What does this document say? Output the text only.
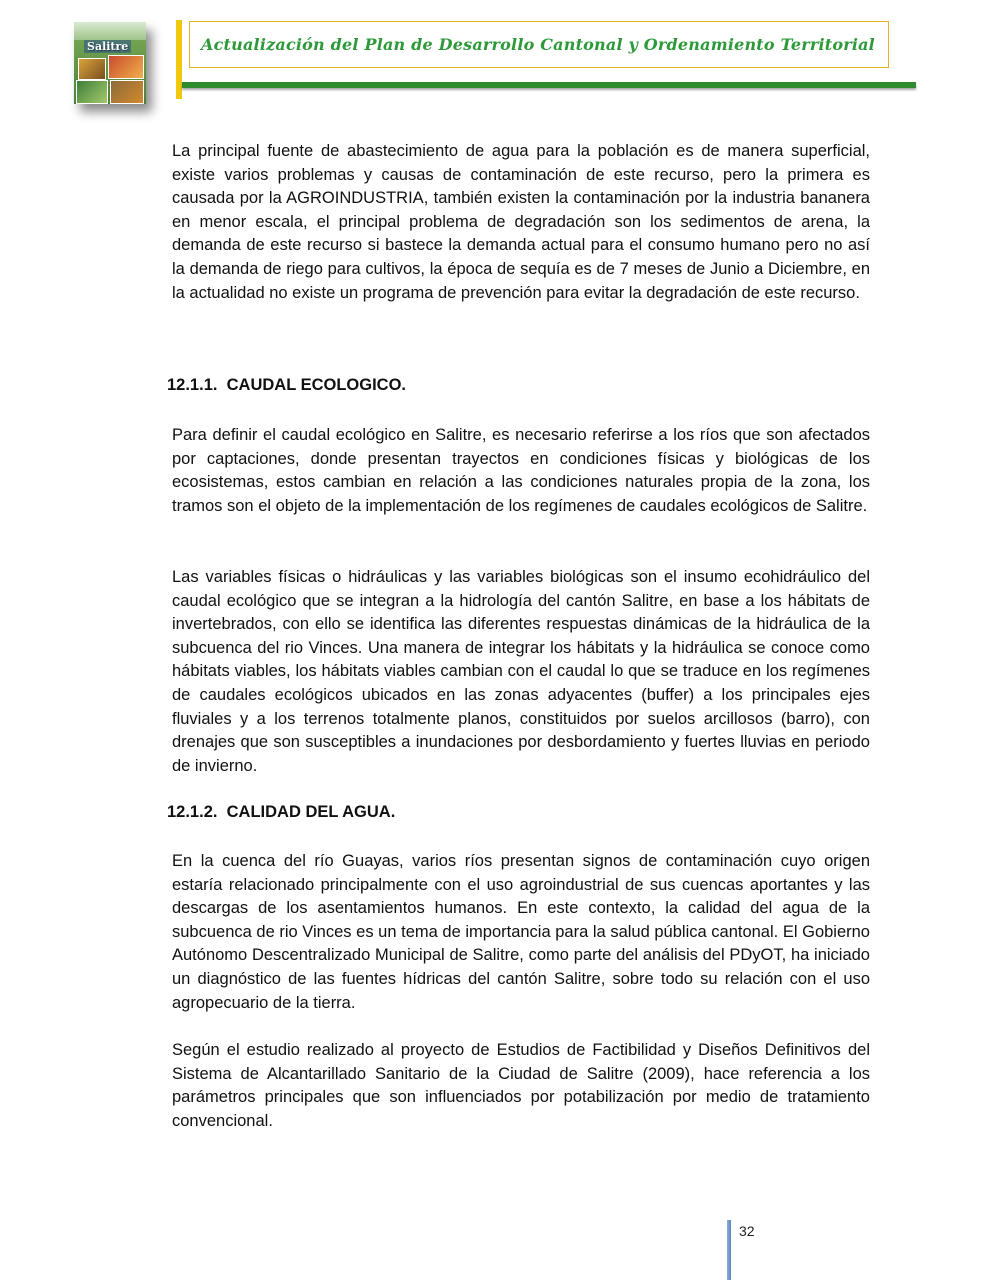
Salitre	Actualización del Plan de Desarrollo Cantonal y Ordenamiento Territorial

La principal fuente de abastecimiento de agua para la población es de manera superficial, existe varios problemas y causas de contaminación de este recurso, pero la primera es causada por la AGROINDUSTRIA, también existen la contaminación por la industria bananera en menor escala, el principal problema de degradación son los sedimentos de arena, la demanda de este recurso si bastece la demanda actual para el consumo humano pero no así la demanda de riego para cultivos, la época de sequía es de 7 meses de Junio a Diciembre, en la actualidad no existe un programa de prevención para evitar la degradación de este recurso.

12.1.1.  CAUDAL ECOLOGICO.

Para definir el caudal ecológico en Salitre, es necesario referirse a los ríos que son afectados por captaciones, donde presentan trayectos en condiciones físicas y biológicas de los ecosistemas, estos cambian en relación a las condiciones naturales propia de la zona, los tramos son el objeto de la implementación de los regímenes de caudales ecológicos de Salitre.

Las variables físicas o hidráulicas y las variables biológicas son el insumo ecohidráulico del caudal ecológico que se integran a la hidrología del cantón Salitre, en base a los hábitats de invertebrados, con ello se identifica las diferentes respuestas dinámicas de la hidráulica de la subcuenca del rio Vinces. Una manera de integrar los hábitats y la hidráulica se conoce como hábitats viables, los hábitats viables cambian con el caudal lo que se traduce en los regímenes de caudales ecológicos ubicados en las zonas adyacentes (buffer) a los principales ejes fluviales y a los terrenos totalmente planos, constituidos por suelos arcillosos (barro), con drenajes que son susceptibles a inundaciones por desbordamiento y fuertes lluvias en periodo de invierno.

12.1.2.  CALIDAD DEL AGUA.

En la cuenca del río Guayas, varios ríos presentan signos de contaminación cuyo origen estaría relacionado principalmente con el uso agroindustrial de sus cuencas aportantes y las descargas de los asentamientos humanos. En este contexto, la calidad del agua de la subcuenca de rio Vinces es un tema de importancia para la salud pública cantonal. El Gobierno Autónomo Descentralizado Municipal de Salitre, como parte del análisis del PDyOT, ha iniciado un diagnóstico de las fuentes hídricas del cantón Salitre, sobre todo su relación con el uso agropecuario de la tierra.

Según el estudio realizado al proyecto de Estudios de Factibilidad y Diseños Definitivos del Sistema de Alcantarillado Sanitario de la Ciudad de Salitre (2009), hace referencia a los parámetros principales que son influenciados por potabilización por medio de tratamiento convencional.

32
